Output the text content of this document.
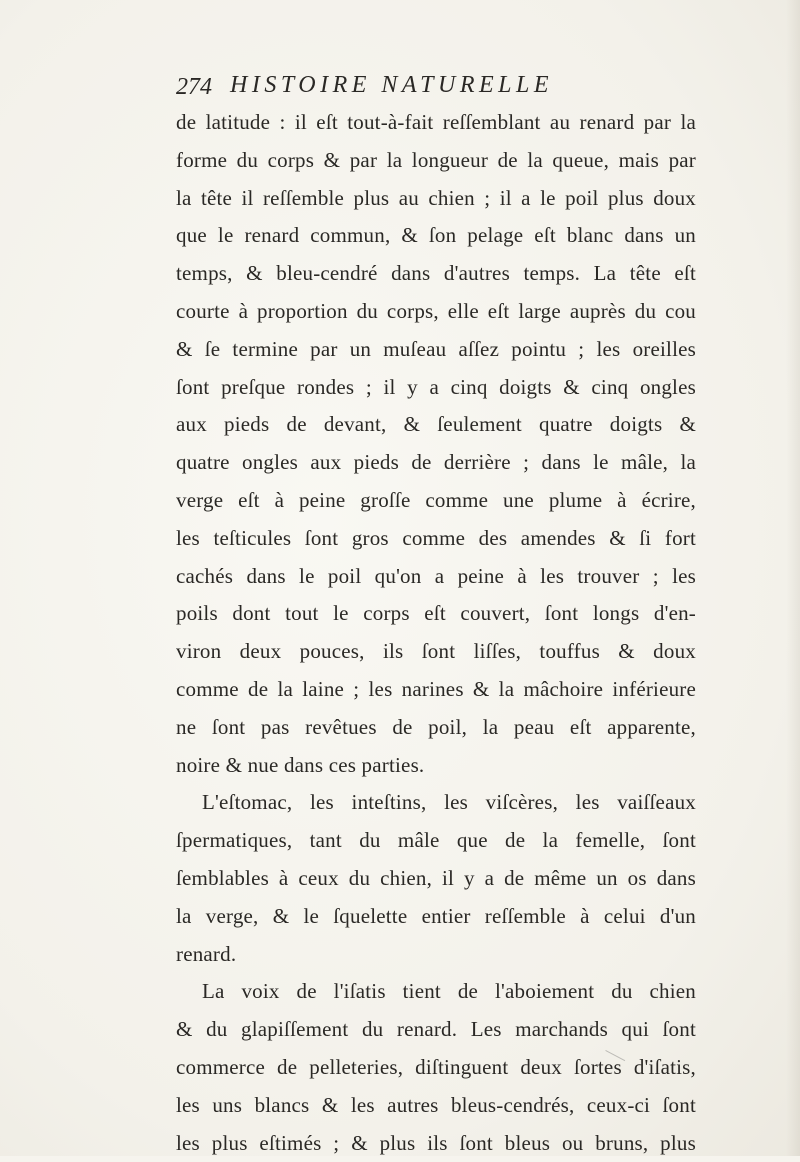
274 HISTOIRE NATURELLE
de latitude : il eſt tout-à-fait reſſemblant au renard par la
forme du corps & par la longueur de la queue, mais par
la tête il reſſemble plus au chien ; il a le poil plus doux
que le renard commun, & ſon pelage eſt blanc dans un
temps, & bleu-cendré dans d'autres temps. La tête eſt
courte à proportion du corps, elle eſt large auprès du cou
& ſe termine par un muſeau aſſez pointu ; les oreilles
ſont preſque rondes ; il y a cinq doigts & cinq ongles
aux pieds de devant, & ſeulement quatre doigts &
quatre ongles aux pieds de derrière ; dans le mâle, la
verge eſt à peine groſſe comme une plume à écrire,
les teſticules ſont gros comme des amendes & ſi fort
cachés dans le poil qu'on a peine à les trouver ; les
poils dont tout le corps eſt couvert, ſont longs d'en-
viron deux pouces, ils ſont liſſes, touffus & doux
comme de la laine ; les narines & la mâchoire inférieure
ne ſont pas revêtues de poil, la peau eſt apparente,
noire & nue dans ces parties.
L'eſtomac, les inteſtins, les viſcères, les vaiſſeaux
ſpermatiques, tant du mâle que de la femelle, ſont
ſemblables à ceux du chien, il y a de même un os dans
la verge, & le ſquelette entier reſſemble à celui d'un
renard.
La voix de l'iſatis tient de l'aboiement du chien
& du glapiſſement du renard. Les marchands qui ſont
commerce de pelleteries, diſtinguent deux ſortes d'iſatis,
les uns blancs & les autres bleus-cendrés, ceux-ci ſont
les plus eſtimés ; & plus ils ſont bleus ou bruns, plus
